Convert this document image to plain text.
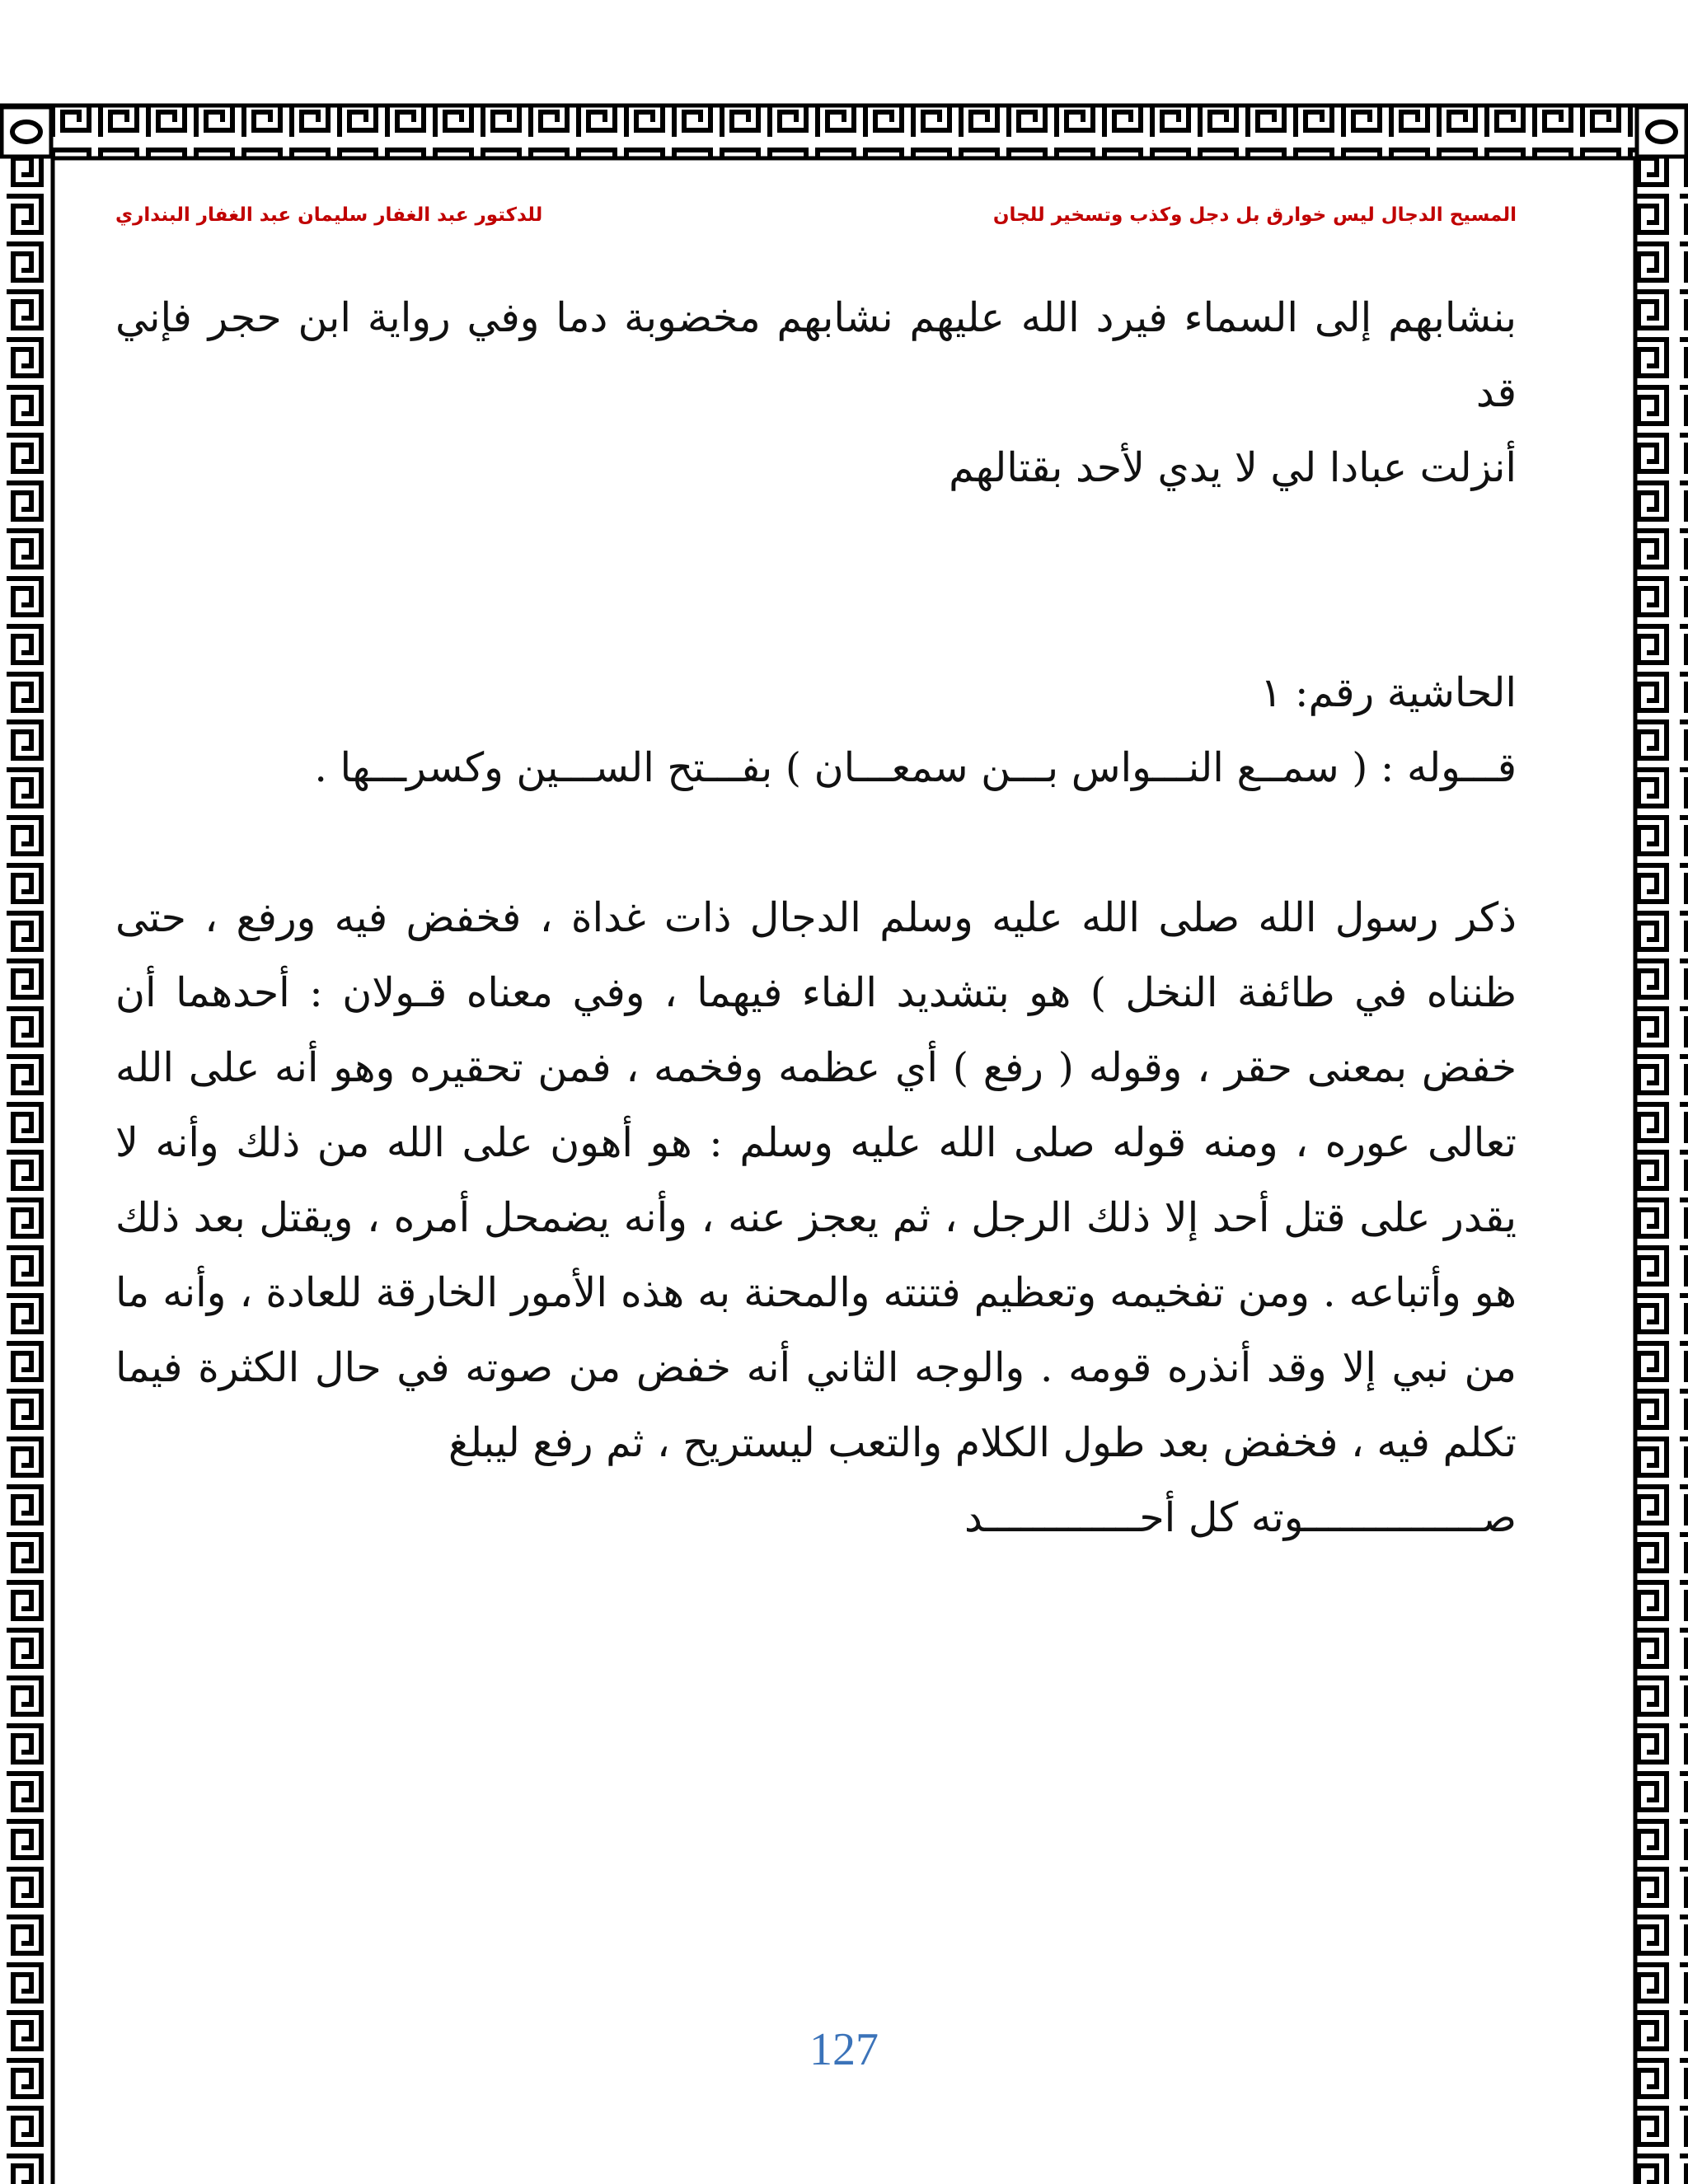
المسيح الدجال ليس خوارق بل دجل وكذب وتسخير للجان
للدكتور عبد الغفار سليمان عبد الغفار البنداري

بنشابهم إلى السماء فيرد الله عليهم نشابهم مخضوبة دما وفي رواية ابن حجر فإني قد

أنزلت عبادا لي لا يدي لأحد بقتالهم

الحاشية رقم: ١

قـــوله : ( سمــع النـــواس بـــن سمعـــان ) بفـــتح الســـين وكسرـــها .

ذكر رسول الله صلى الله عليه وسلم الدجال ذات غداة ، فخفض فيه ورفع ، حتى ظنناه في طائفة النخل ) هو بتشديد الفاء فيهما ، وفي معناه قـولان : أحدهما أن خفض بمعنى حقر ، وقوله ( رفع ) أي عظمه وفخمه ، فمن تحقيره وهو أنه على الله تعالى عوره ، ومنه قوله صلى الله عليه وسلم : هو أهون على الله من ذلك وأنه لا يقدر على قتل أحد إلا ذلك الرجل ، ثم يعجز عنه ، وأنه يضمحل أمره ، ويقتل بعد ذلك هو وأتباعه . ومن تفخيمه وتعظيم فتنته والمحنة به هذه الأمور الخارقة للعادة ، وأنه ما من نبي إلا وقد أنذره قومه . والوجه الثاني أنه خفض من صوته في حال الكثرة فيما تكلم فيه ، فخفض بعد طول الكلام والتعب ليستريح ، ثم رفع ليبلغ

صـــــــــــــــوته كل أحـــــــــــــد

127
